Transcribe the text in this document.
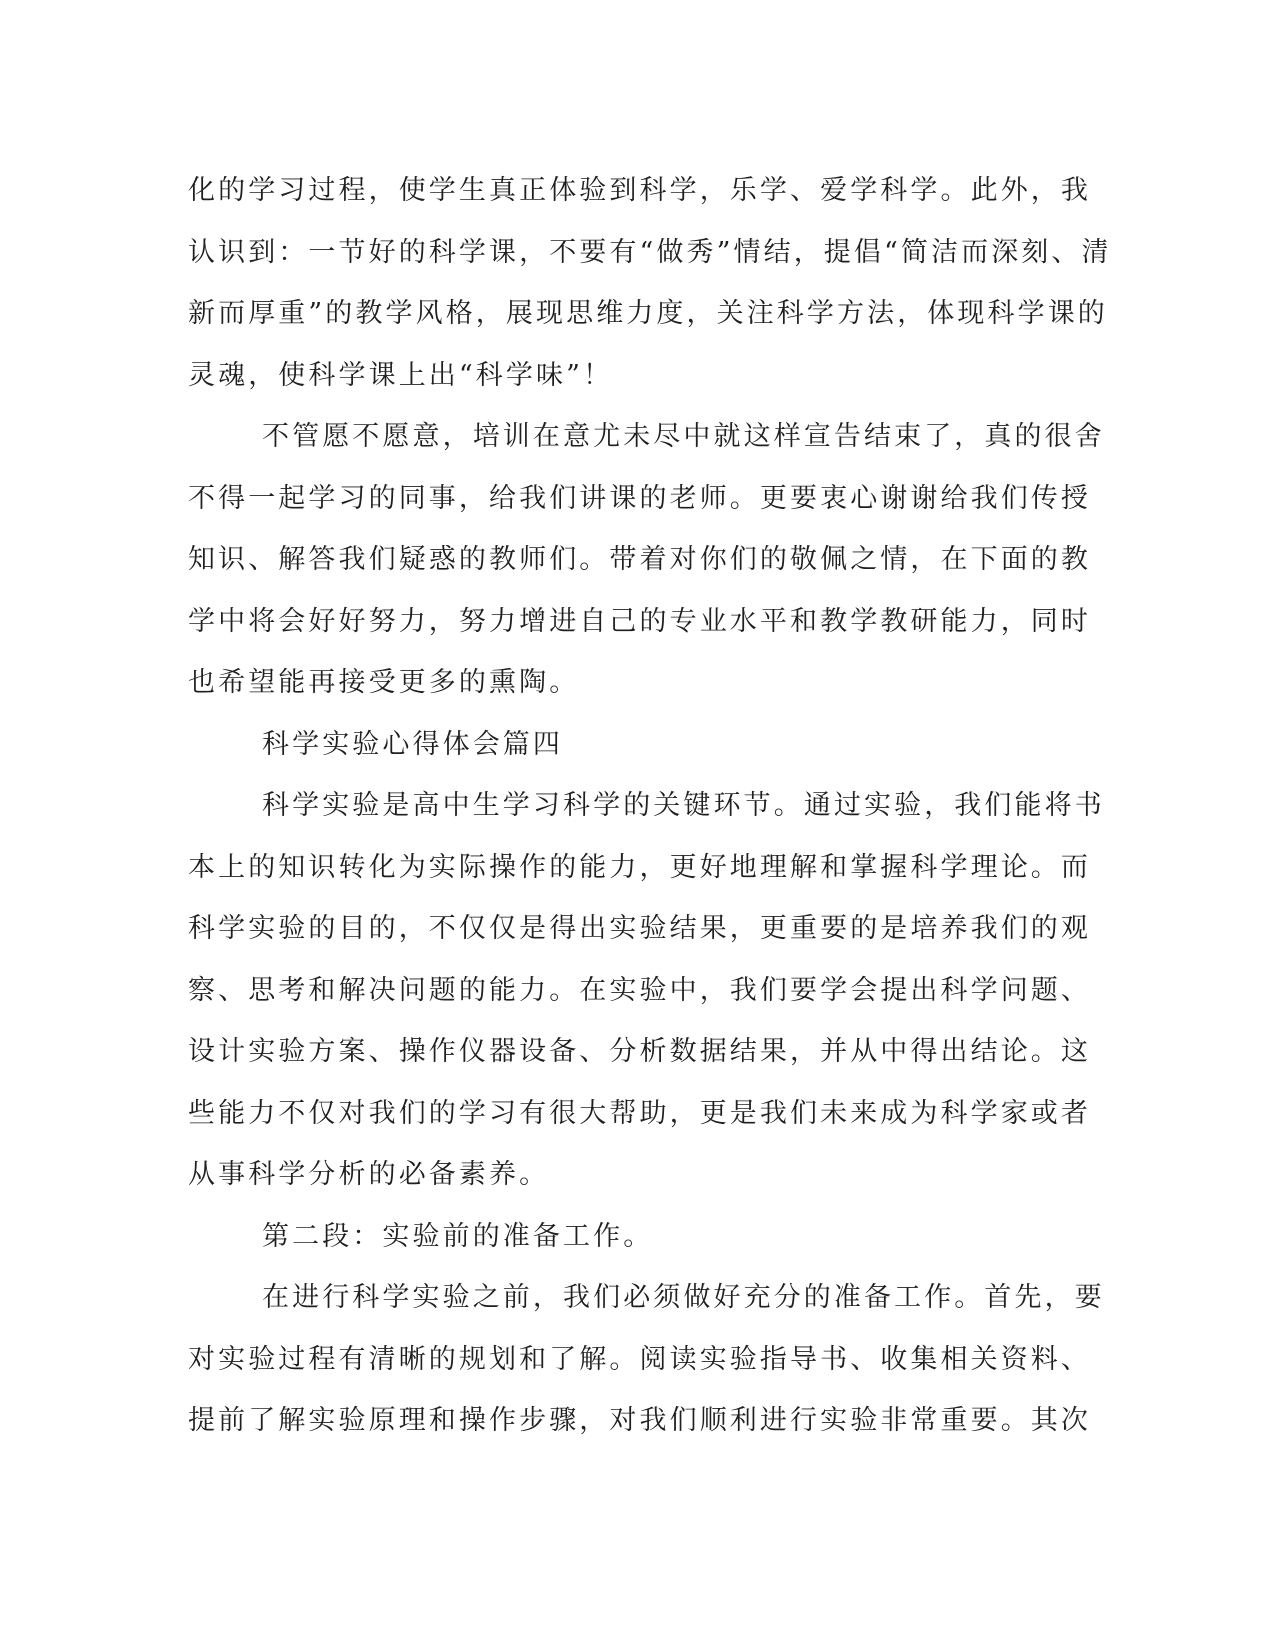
化的学习过程，使学生真正体验到科学，乐学、爱学科学。此外，我
认识到：一节好的科学课，不要有“做秀”情结，提倡“简洁而深刻、清
新而厚重”的教学风格，展现思维力度，关注科学方法，体现科学课的
灵魂，使科学课上出“科学味”！
不管愿不愿意，培训在意尤未尽中就这样宣告结束了，真的很舍
不得一起学习的同事，给我们讲课的老师。更要衷心谢谢给我们传授
知识、解答我们疑惑的教师们。带着对你们的敬佩之情，在下面的教
学中将会好好努力，努力增进自己的专业水平和教学教研能力，同时
也希望能再接受更多的熏陶。
科学实验心得体会篇四
科学实验是高中生学习科学的关键环节。通过实验，我们能将书
本上的知识转化为实际操作的能力，更好地理解和掌握科学理论。而
科学实验的目的，不仅仅是得出实验结果，更重要的是培养我们的观
察、思考和解决问题的能力。在实验中，我们要学会提出科学问题、
设计实验方案、操作仪器设备、分析数据结果，并从中得出结论。这
些能力不仅对我们的学习有很大帮助，更是我们未来成为科学家或者
从事科学分析的必备素养。
第二段：实验前的准备工作。
在进行科学实验之前，我们必须做好充分的准备工作。首先，要
对实验过程有清晰的规划和了解。阅读实验指导书、收集相关资料、
提前了解实验原理和操作步骤，对我们顺利进行实验非常重要。其次
